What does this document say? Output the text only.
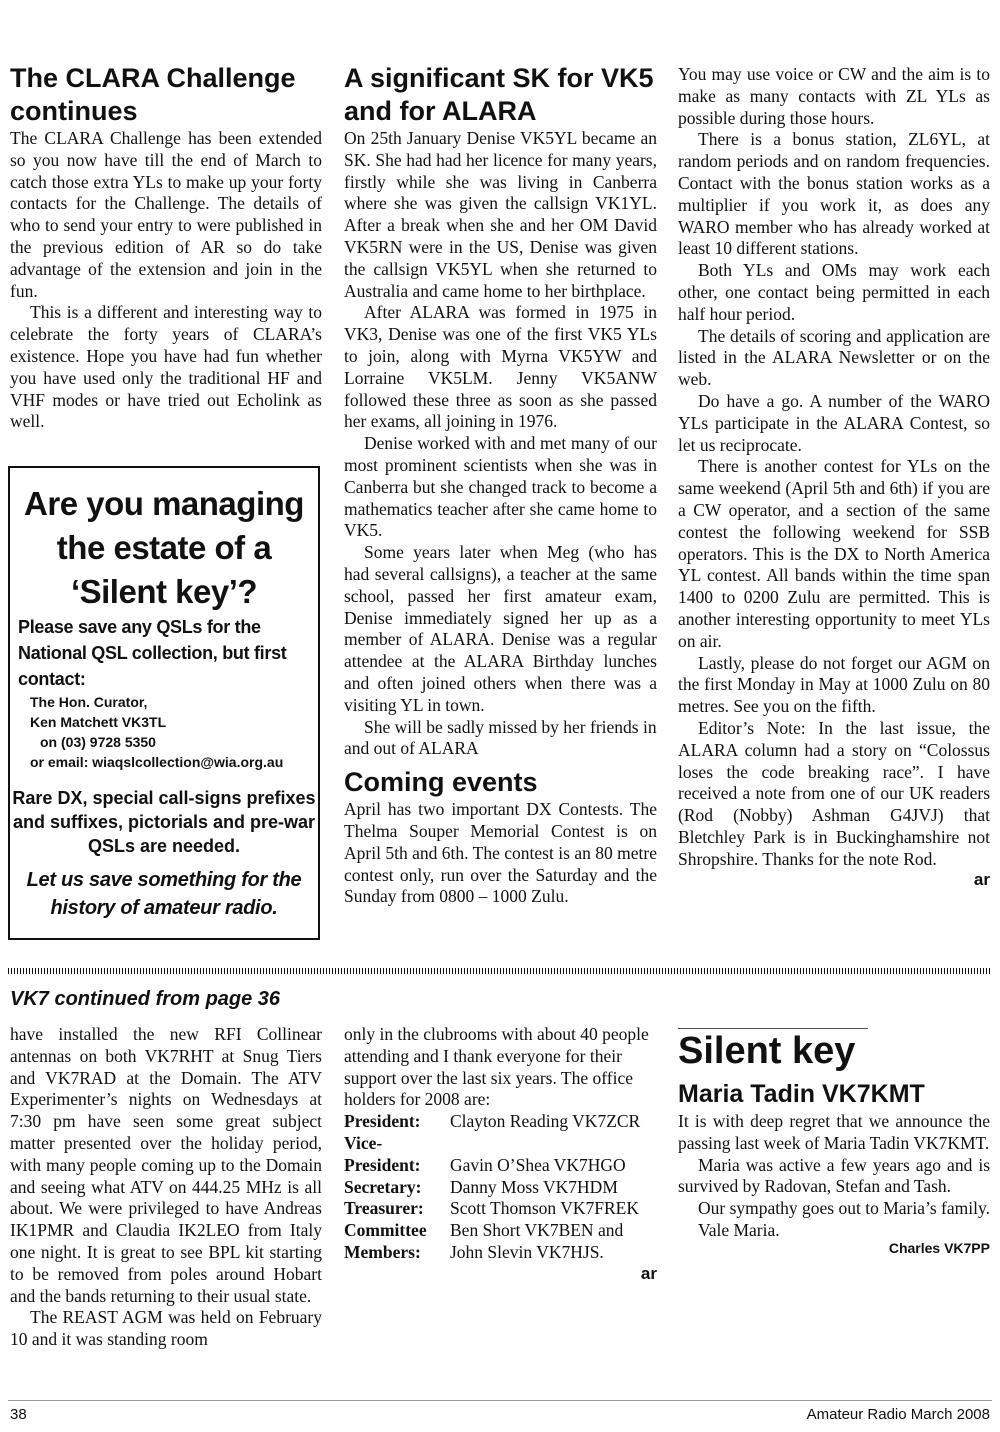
The CLARA Challenge continues

The CLARA Challenge has been extended so you now have till the end of March to catch those extra YLs to make up your forty contacts for the Challenge. The details of who to send your entry to were published in the previous edition of AR so do take advantage of the extension and join in the fun.

This is a different and interesting way to celebrate the forty years of CLARA’s existence. Hope you have had fun whether you have used only the traditional HF and VHF modes or have tried out Echolink as well.

Are you managing the estate of a ‘Silent key’?
Please save any QSLs for the National QSL collection, but first contact:
The Hon. Curator,
Ken Matchett VK3TL
on (03) 9728 5350
or email: wiaqslcollection@wia.org.au
Rare DX, special call-signs prefixes and suffixes, pictorials and pre-war QSLs are needed.
Let us save something for the history of amateur radio.
A significant SK for VK5 and for ALARA

On 25th January Denise VK5YL became an SK. She had had her licence for many years, firstly while she was living in Canberra where she was given the callsign VK1YL. After a break when she and her OM David VK5RN were in the US, Denise was given the callsign VK5YL when she returned to Australia and came home to her birthplace.

After ALARA was formed in 1975 in VK3, Denise was one of the first VK5 YLs to join, along with Myrna VK5YW and Lorraine VK5LM. Jenny VK5ANW followed these three as soon as she passed her exams, all joining in 1976.

Denise worked with and met many of our most prominent scientists when she was in Canberra but she changed track to become a mathematics teacher after she came home to VK5.

Some years later when Meg (who has had several callsigns), a teacher at the same school, passed her first amateur exam, Denise immediately signed her up as a member of ALARA. Denise was a regular attendee at the ALARA Birthday lunches and often joined others when there was a visiting YL in town.

She will be sadly missed by her friends in and out of ALARA

Coming events

April has two important DX Contests. The Thelma Souper Memorial Contest is on April 5th and 6th. The contest is an 80 metre contest only, run over the Saturday and the Sunday from 0800 – 1000 Zulu.

You may use voice or CW and the aim is to make as many contacts with ZL YLs as possible during those hours.

There is a bonus station, ZL6YL, at random periods and on random frequencies. Contact with the bonus station works as a multiplier if you work it, as does any WARO member who has already worked at least 10 different stations.

Both YLs and OMs may work each other, one contact being permitted in each half hour period.

The details of scoring and application are listed in the ALARA Newsletter or on the web.

Do have a go. A number of the WARO YLs participate in the ALARA Contest, so let us reciprocate.

There is another contest for YLs on the same weekend (April 5th and 6th) if you are a CW operator, and a section of the same contest the following weekend for SSB operators. This is the DX to North America YL contest. All bands within the time span 1400 to 0200 Zulu are permitted. This is another interesting opportunity to meet YLs on air.

Lastly, please do not forget our AGM on the first Monday in May at 1000 Zulu on 80 metres. See you on the fifth.

Editor’s Note: In the last issue, the ALARA column had a story on “Colossus loses the code breaking race”. I have received a note from one of our UK readers (Rod (Nobby) Ashman G4JVJ) that Bletchley Park is in Buckinghamshire not Shropshire. Thanks for the note Rod.

ar
VK7 continued from page 36

have installed the new RFI Collinear antennas on both VK7RHT at Snug Tiers and VK7RAD at the Domain. The ATV Experimenter’s nights on Wednesdays at 7:30 pm have seen some great subject matter presented over the holiday period, with many people coming up to the Domain and seeing what ATV on 444.25 MHz is all about. We were privileged to have Andreas IK1PMR and Claudia IK2LEO from Italy one night. It is great to see BPL kit starting to be removed from poles around Hobart and the bands returning to their usual state.

The REAST AGM was held on February 10 and it was standing room

only in the clubrooms with about 40 people attending and I thank everyone for their support over the last six years. The office holders for 2008 are:

President:	Clayton Reading VK7ZCR
Vice-President:	Gavin O’Shea VK7HGO
Secretary:	Danny Moss VK7HDM
Treasurer:	Scott Thomson VK7FREK
Committee Members:	Ben Short VK7BEN and John Slevin VK7HJS.
ar
Silent key
Maria Tadin VK7KMT

It is with deep regret that we announce the passing last week of Maria Tadin VK7KMT.

Maria was active a few years ago and is survived by Radovan, Stefan and Tash.

Our sympathy goes out to Maria’s family.

Vale Maria.

Charles VK7PP
38	Amateur Radio March 2008
